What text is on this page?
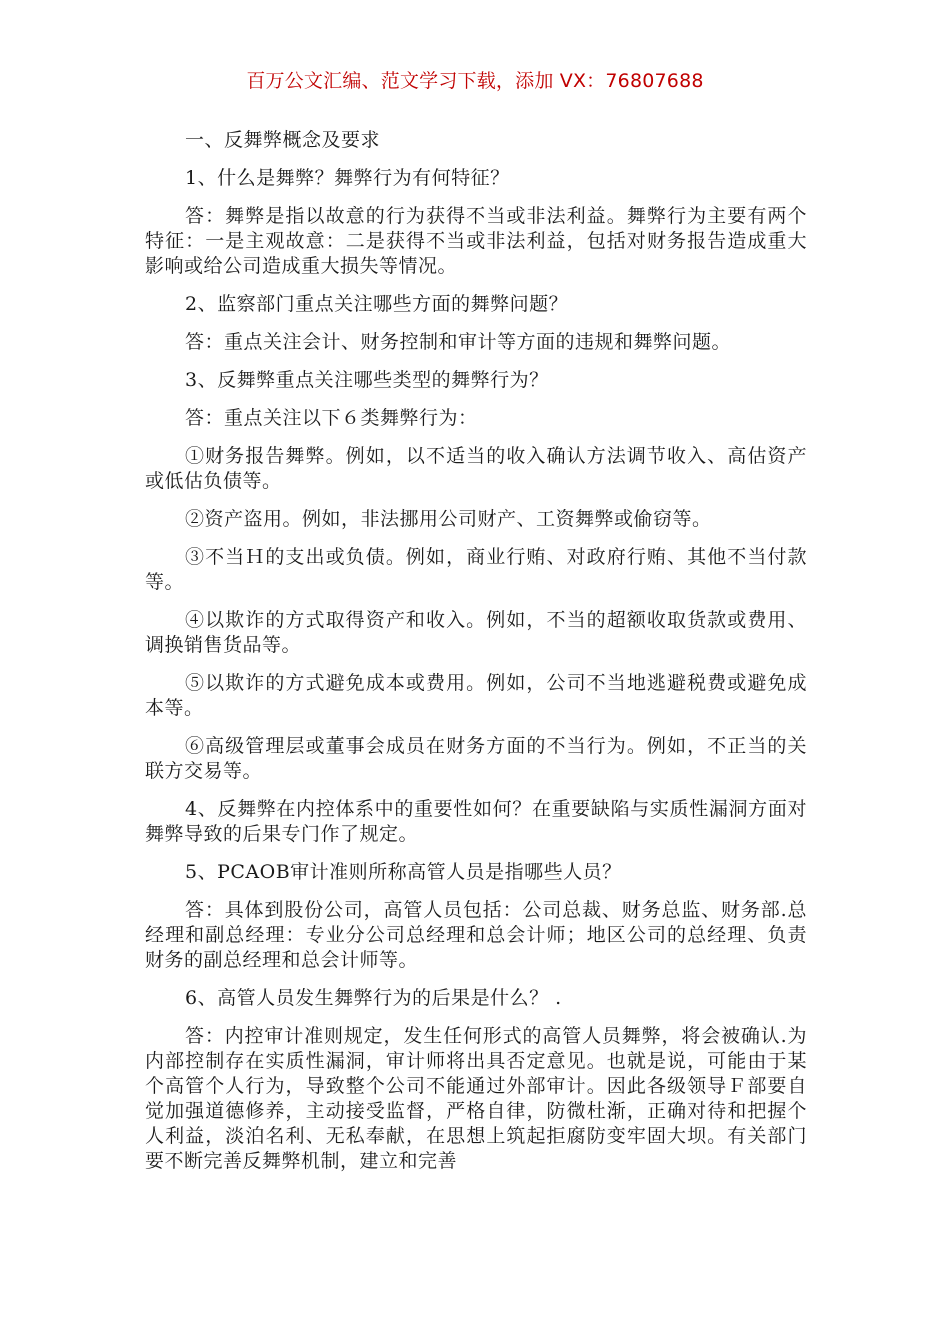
百万公文汇编、范文学习下载，添加 VX：76807688

一、反舞弊概念及要求

1、什么是舞弊？舞弊行为有何特征？

答：舞弊是指以故意的行为获得不当或非法利益。舞弊行为主要有两个特征：一是主观故意：二是获得不当或非法利益，包括对财务报告造成重大影响或给公司造成重大损失等情况。

2、监察部门重点关注哪些方面的舞弊问题？

答：重点关注会计、财务控制和审计等方面的违规和舞弊问题。

3、反舞弊重点关注哪些类型的舞弊行为？

答：重点关注以下６类舞弊行为：

①财务报告舞弊。例如，以不适当的收入确认方法调节收入、高估资产或低估负债等。

②资产盗用。例如，非法挪用公司财产、工资舞弊或偷窃等。

③不当Ｈ的支出或负债。例如，商业行贿、对政府行贿、其他不当付款等。

④以欺诈的方式取得资产和收入。例如，不当的超额收取货款或费用、调换销售货品等。

⑤以欺诈的方式避免成本或费用。例如，公司不当地逃避税费或避免成本等。

⑥高级管理层或董事会成员在财务方面的不当行为。例如，不正当的关联方交易等。

4、反舞弊在内控体系中的重要性如何？在重要缺陷与实质性漏洞方面对舞弊导致的后果专门作了规定。

5、PCAOB审计准则所称高管人员是指哪些人员？

答：具体到股份公司，高管人员包括：公司总裁、财务总监、财务部.总经理和副总经理：专业分公司总经理和总会计师；地区公司的总经理、负责财务的副总经理和总会计师等。

6、高管人员发生舞弊行为的后果是什么？ .

答：内控审计准则规定，发生任何形式的高管人员舞弊，将会被确认.为内部控制存在实质性漏洞，审计师将出具否定意见。也就是说，可能由于某个高管个人行为，导致整个公司不能通过外部审计。因此各级领导Ｆ部要自觉加强道德修养，主动接受监督，严格自律，防微杜渐，正确对待和把握个人利益，淡泊名利、无私奉献，在思想上筑起拒腐防变牢固大坝。有关部门要不断完善反舞弊机制，建立和完善
